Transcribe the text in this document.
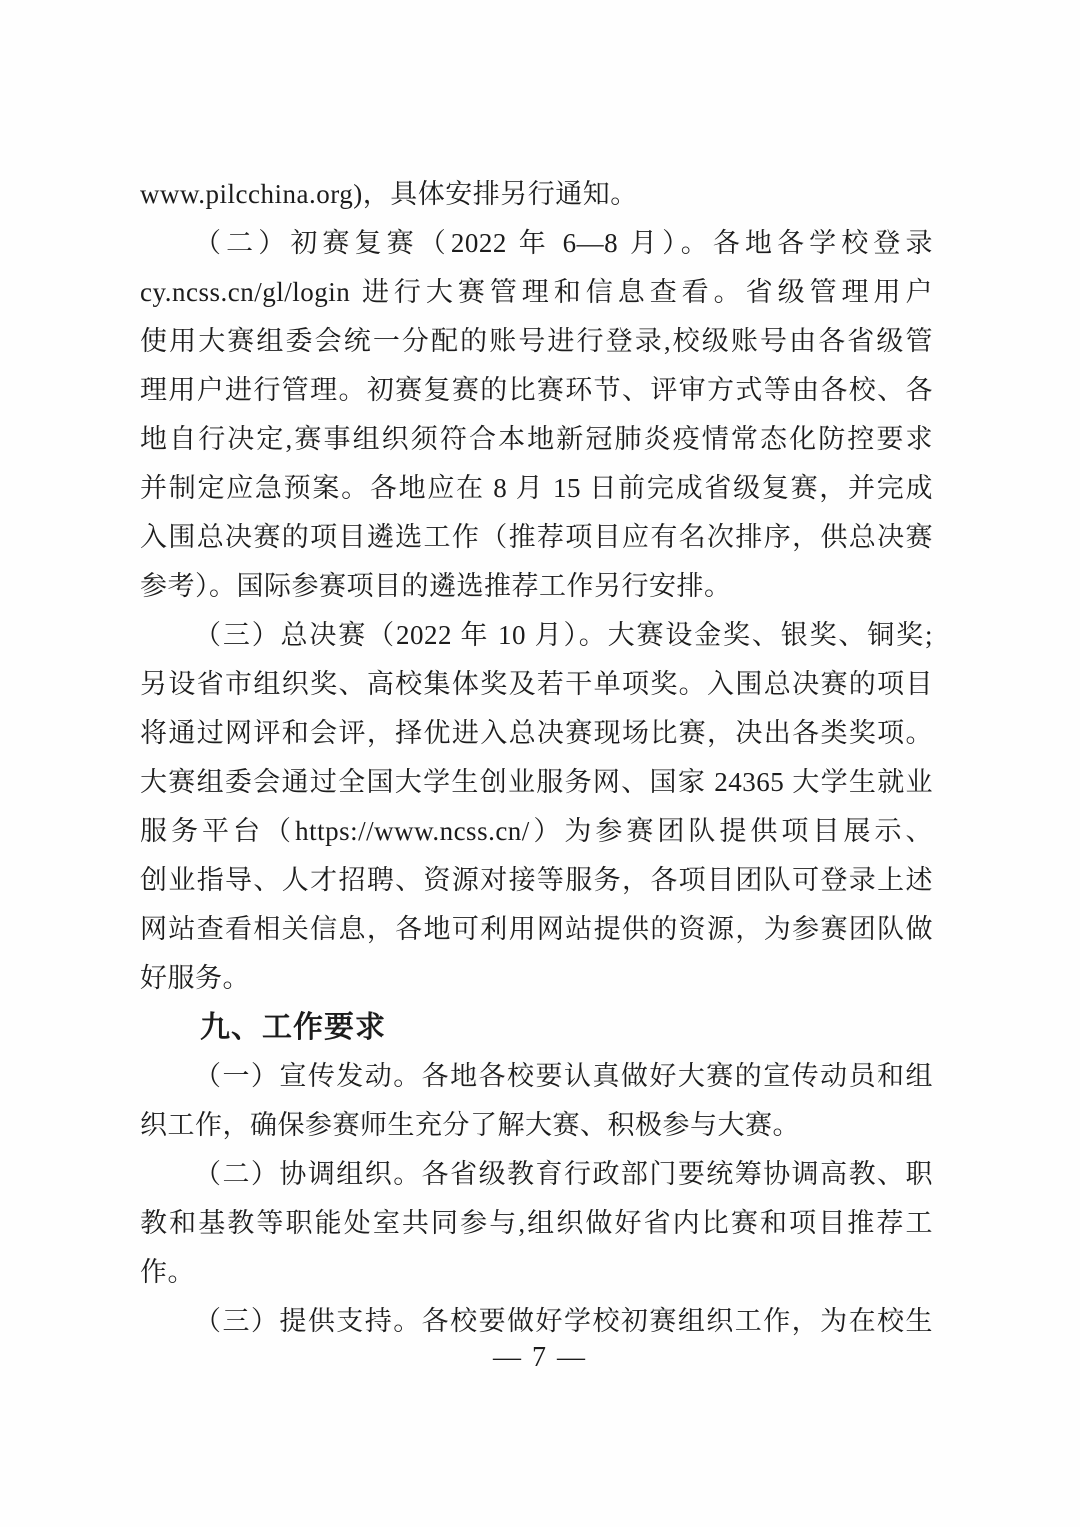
www.pilcchina.org)，具体安排另行通知。
（二）初赛复赛（2022 年 6—8 月）。各地各学校登录
cy.ncss.cn/gl/login 进行大赛管理和信息查看。省级管理用户
使用大赛组委会统一分配的账号进行登录,校级账号由各省级管
理用户进行管理。初赛复赛的比赛环节、评审方式等由各校、各
地自行决定,赛事组织须符合本地新冠肺炎疫情常态化防控要求
并制定应急预案。各地应在 8 月 15 日前完成省级复赛，并完成
入围总决赛的项目遴选工作（推荐项目应有名次排序，供总决赛
参考）。国际参赛项目的遴选推荐工作另行安排。
（三）总决赛（2022 年 10 月）。大赛设金奖、银奖、铜奖;
另设省市组织奖、高校集体奖及若干单项奖。入围总决赛的项目
将通过网评和会评，择优进入总决赛现场比赛，决出各类奖项。
大赛组委会通过全国大学生创业服务网、国家 24365 大学生就业
服务平台（https://www.ncss.cn/）为参赛团队提供项目展示、
创业指导、人才招聘、资源对接等服务，各项目团队可登录上述
网站查看相关信息，各地可利用网站提供的资源，为参赛团队做
好服务。
九、工作要求
（一）宣传发动。各地各校要认真做好大赛的宣传动员和组
织工作，确保参赛师生充分了解大赛、积极参与大赛。
（二）协调组织。各省级教育行政部门要统筹协调高教、职
教和基教等职能处室共同参与,组织做好省内比赛和项目推荐工
作。
（三）提供支持。各校要做好学校初赛组织工作，为在校生
— 7 —
